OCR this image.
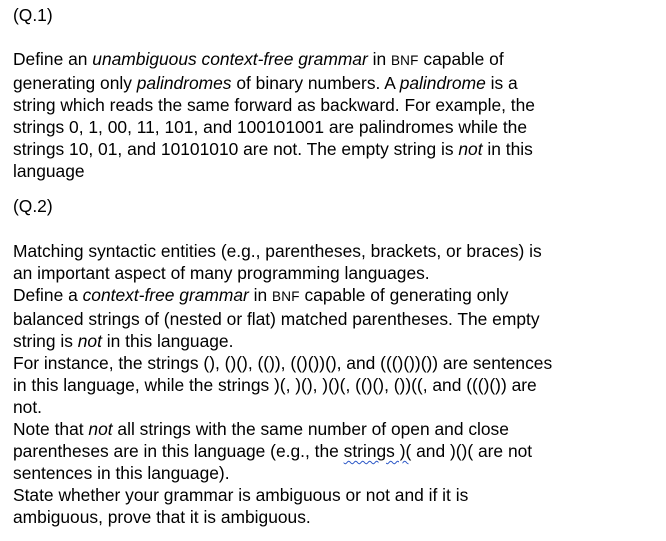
(Q.1)
Define an unambiguous context-free grammar in BNF capable of
generating only palindromes of binary numbers. A palindrome is a
string which reads the same forward as backward. For example, the
strings 0, 1, 00, 11, 101, and 100101001 are palindromes while the
strings 10, 01, and 10101010 are not. The empty string is not in this
language
(Q.2)
Matching syntactic entities (e.g., parentheses, brackets, or braces) is
an important aspect of many programming languages.
Define a context-free grammar in BNF capable of generating only
balanced strings of (nested or flat) matched parentheses. The empty
string is not in this language.
For instance, the strings (), ()(), (()), (()())(), and ((()())()) are sentences
in this language, while the strings )(, )(), )()(, (()(), ())((, and ((()()) are
not.
Note that not all strings with the same number of open and close
parentheses are in this language (e.g., the strings )( and )()( are not
sentences in this language).
State whether your grammar is ambiguous or not and if it is
ambiguous, prove that it is ambiguous.
